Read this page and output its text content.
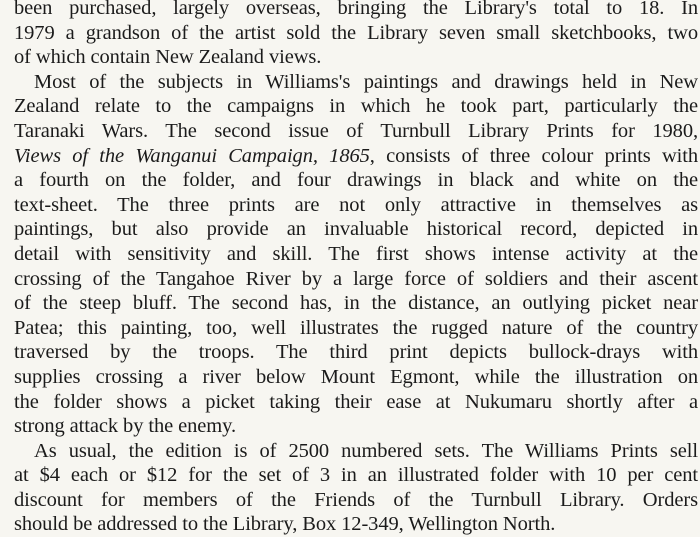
been purchased, largely overseas, bringing the Library's total to 18. In
1979 a grandson of the artist sold the Library seven small sketchbooks, two
of which contain New Zealand views.
Most of the subjects in Williams's paintings and drawings held in New
Zealand relate to the campaigns in which he took part, particularly the
Taranaki Wars. The second issue of Turnbull Library Prints for 1980,
Views of the Wanganui Campaign, 1865, consists of three colour prints with
a fourth on the folder, and four drawings in black and white on the
text-sheet. The three prints are not only attractive in themselves as
paintings, but also provide an invaluable historical record, depicted in
detail with sensitivity and skill. The first shows intense activity at the
crossing of the Tangahoe River by a large force of soldiers and their ascent
of the steep bluff. The second has, in the distance, an outlying picket near
Patea; this painting, too, well illustrates the rugged nature of the country
traversed by the troops. The third print depicts bullock-drays with
supplies crossing a river below Mount Egmont, while the illustration on
the folder shows a picket taking their ease at Nukumaru shortly after a
strong attack by the enemy.
As usual, the edition is of 2500 numbered sets. The Williams Prints sell
at $4 each or $12 for the set of 3 in an illustrated folder with 10 per cent
discount for members of the Friends of the Turnbull Library. Orders
should be addressed to the Library, Box 12-349, Wellington North.
